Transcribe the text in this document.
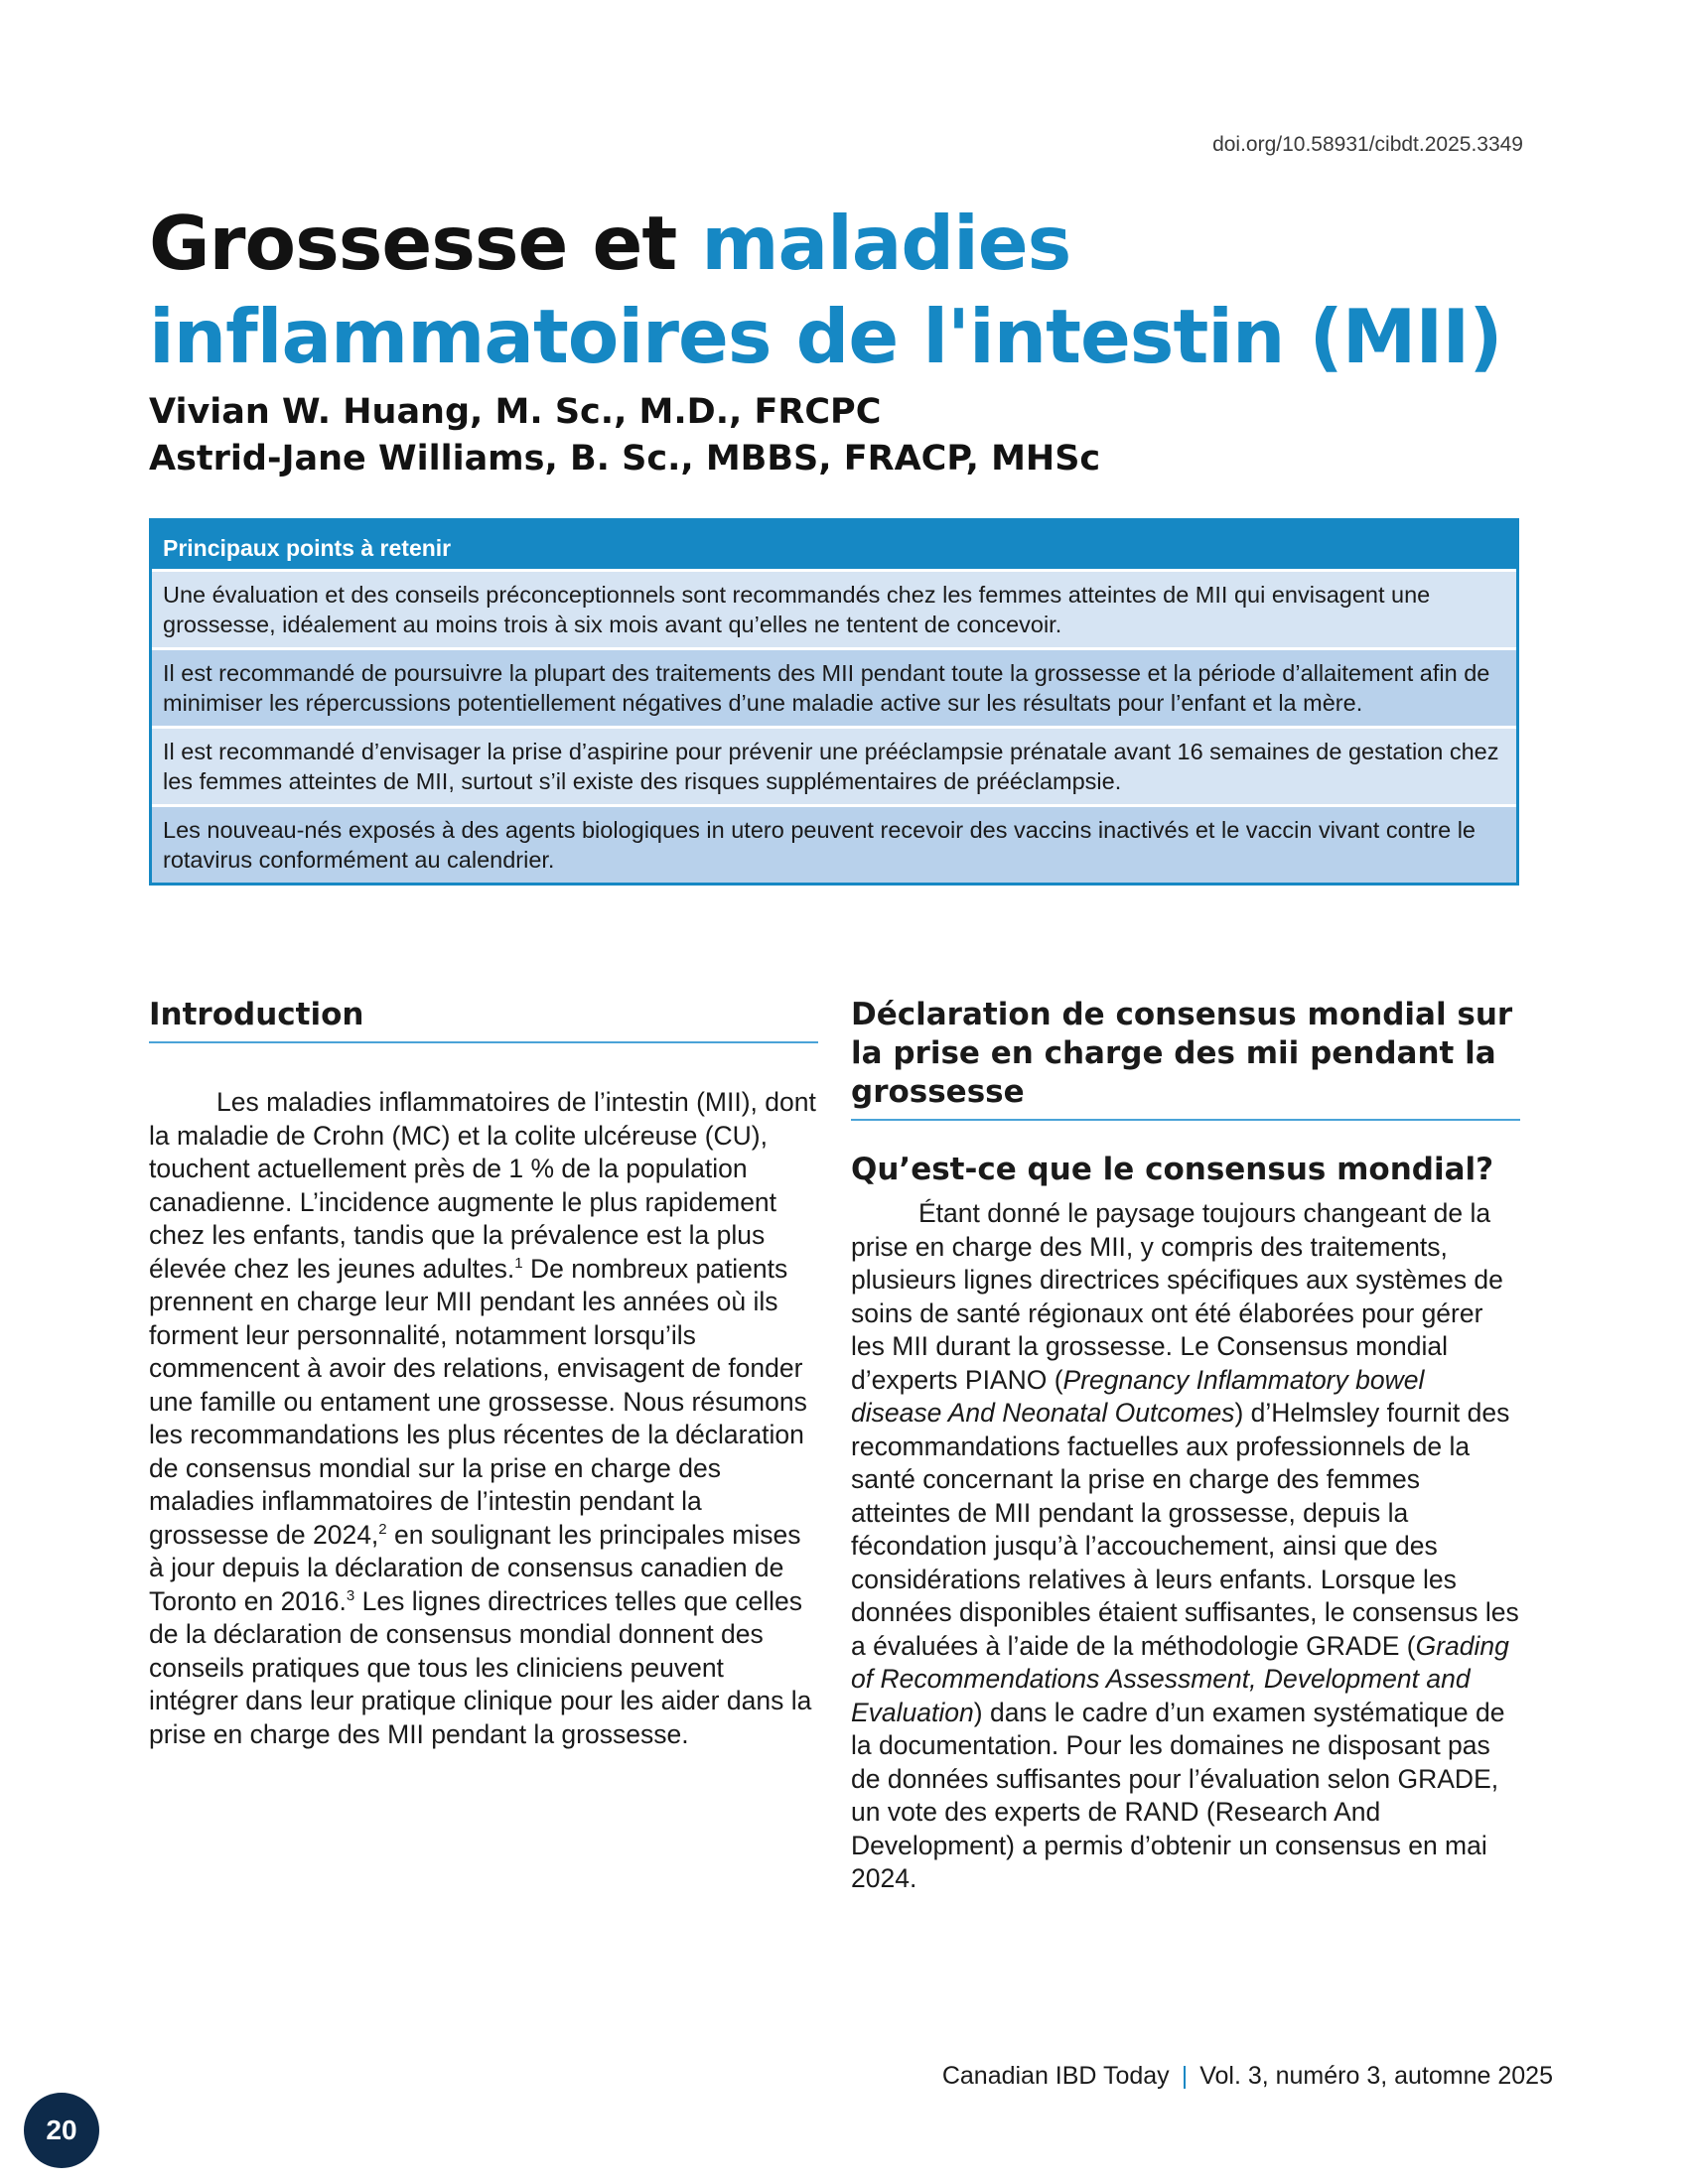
doi.org/10.58931/cibdt.2025.3349
Grossesse et maladies inflammatoires de l'intestin (MII)
Vivian W. Huang, M. Sc., M.D., FRCPC
Astrid-Jane Williams, B. Sc., MBBS, FRACP, MHSc
Principaux points à retenir
Une évaluation et des conseils préconceptionnels sont recommandés chez les femmes atteintes de MII qui envisagent une grossesse, idéalement au moins trois à six mois avant qu’elles ne tentent de concevoir.
Il est recommandé de poursuivre la plupart des traitements des MII pendant toute la grossesse et la période d’allaitement afin de minimiser les répercussions potentiellement négatives d’une maladie active sur les résultats pour l’enfant et la mère.
Il est recommandé d’envisager la prise d’aspirine pour prévenir une prééclampsie prénatale avant 16 semaines de gestation chez les femmes atteintes de MII, surtout s’il existe des risques supplémentaires de prééclampsie.
Les nouveau-nés exposés à des agents biologiques in utero peuvent recevoir des vaccins inactivés et le vaccin vivant contre le rotavirus conformément au calendrier.
Introduction

Les maladies inflammatoires de l’intestin (MII), dont la maladie de Crohn (MC) et la colite ulcéreuse (CU), touchent actuellement près de 1 % de la population canadienne. L’incidence augmente le plus rapidement chez les enfants, tandis que la prévalence est la plus élevée chez les jeunes adultes.$^1$ De nombreux patients prennent en charge leur MII pendant les années où ils forment leur personnalité, notamment lorsqu’ils commencent à avoir des relations, envisagent de fonder une famille ou entament une grossesse. Nous résumons les recommandations les plus récentes de la déclaration de consensus mondial sur la prise en charge des maladies inflammatoires de l’intestin pendant la grossesse de 2024,$^2$ en soulignant les principales mises à jour depuis la déclaration de consensus canadien de Toronto en 2016.$^3$ Les lignes directrices telles que celles de la déclaration de consensus mondial donnent des conseils pratiques que tous les cliniciens peuvent intégrer dans leur pratique clinique pour les aider dans la prise en charge des MII pendant la grossesse.

Déclaration de consensus mondial sur la prise en charge des mii pendant la grossesse
Qu’est-ce que le consensus mondial?

Étant donné le paysage toujours changeant de la prise en charge des MII, y compris des traitements, plusieurs lignes directrices spécifiques aux systèmes de soins de santé régionaux ont été élaborées pour gérer les MII durant la grossesse. Le Consensus mondial d’experts PIANO (Pregnancy Inflammatory bowel disease And Neonatal Outcomes) d’Helmsley fournit des recommandations factuelles aux professionnels de la santé concernant la prise en charge des femmes atteintes de MII pendant la grossesse, depuis la fécondation jusqu’à l’accouchement, ainsi que des considérations relatives à leurs enfants. Lorsque les données disponibles étaient suffisantes, le consensus les a évaluées à l’aide de la méthodologie GRADE (Grading of Recommendations Assessment, Development and Evaluation) dans le cadre d’un examen systématique de la documentation. Pour les domaines ne disposant pas de données suffisantes pour l’évaluation selon GRADE, un vote des experts de RAND (Research And Development) a permis d’obtenir un consensus en mai 2024.

Canadian IBD Today | Vol. 3, numéro 3, automne 2025
20
